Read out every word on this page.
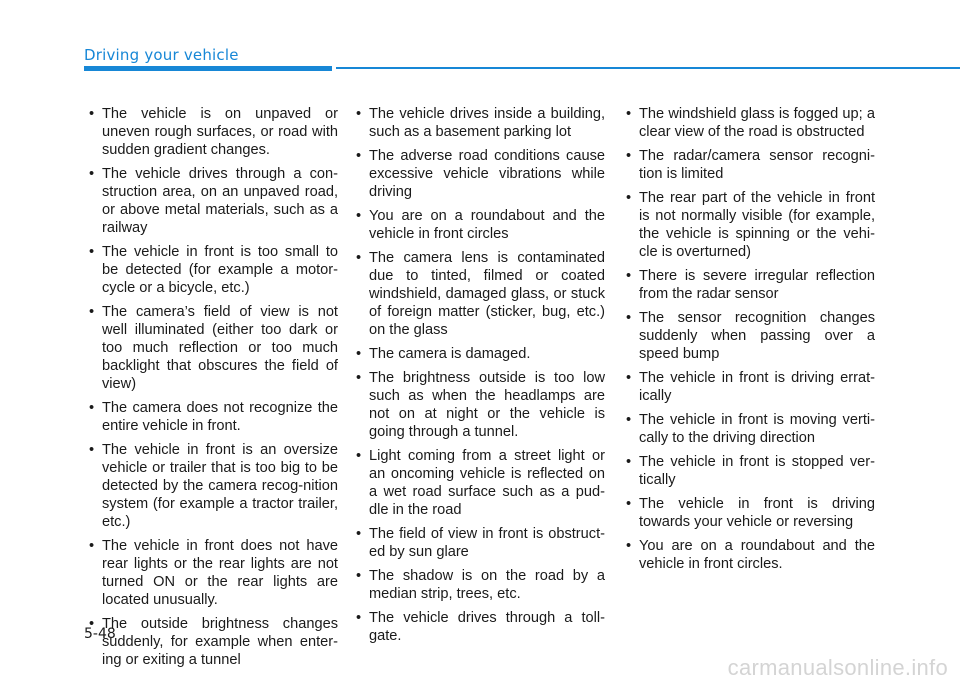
Driving your vehicle
• The vehicle is on unpaved or uneven rough surfaces, or road with sudden gradient changes.
• The vehicle drives through a con-struction area, on an unpaved road, or above metal materials, such as a railway
• The vehicle in front is too small to be detected (for example a motor-cycle or a bicycle, etc.)
• The camera’s field of view is not well illuminated (either too dark or too much reflection or too much backlight that obscures the field of view)
• The camera does not recognize the entire vehicle in front.
• The vehicle in front is an oversize vehicle or trailer that is too big to be detected by the camera recog-nition system (for example a tractor trailer, etc.)
• The vehicle in front does not have rear lights or the rear lights are not turned ON or the rear lights are located unusually.
• The outside brightness changes suddenly, for example when enter-ing or exiting a tunnel
• The vehicle drives inside a building, such as a basement parking lot
• The adverse road conditions cause excessive vehicle vibrations while driving
• You are on a roundabout and the vehicle in front circles
• The camera lens is contaminated due to tinted, filmed or coated windshield, damaged glass, or stuck of foreign matter (sticker, bug, etc.) on the glass
• The camera is damaged.
• The brightness outside is too low such as when the headlamps are not on at night or the vehicle is going through a tunnel.
• Light coming from a street light or an oncoming vehicle is reflected on a wet road surface such as a pud-dle in the road
• The field of view in front is obstruct-ed by sun glare
• The shadow is on the road by a median strip, trees, etc.
• The vehicle drives through a toll-gate.
• The windshield glass is fogged up; a clear view of the road is obstructed
• The radar/camera sensor recogni-tion is limited
• The rear part of the vehicle in front is not normally visible (for example, the vehicle is spinning or the vehi-cle is overturned)
• There is severe irregular reflection from the radar sensor
• The sensor recognition changes suddenly when passing over a speed bump
• The vehicle in front is driving errat-ically
• The vehicle in front is moving verti-cally to the driving direction
• The vehicle in front is stopped ver-tically
• The vehicle in front is driving towards your vehicle or reversing
• You are on a roundabout and the vehicle in front circles.
5-48
carmanualsonline.info
